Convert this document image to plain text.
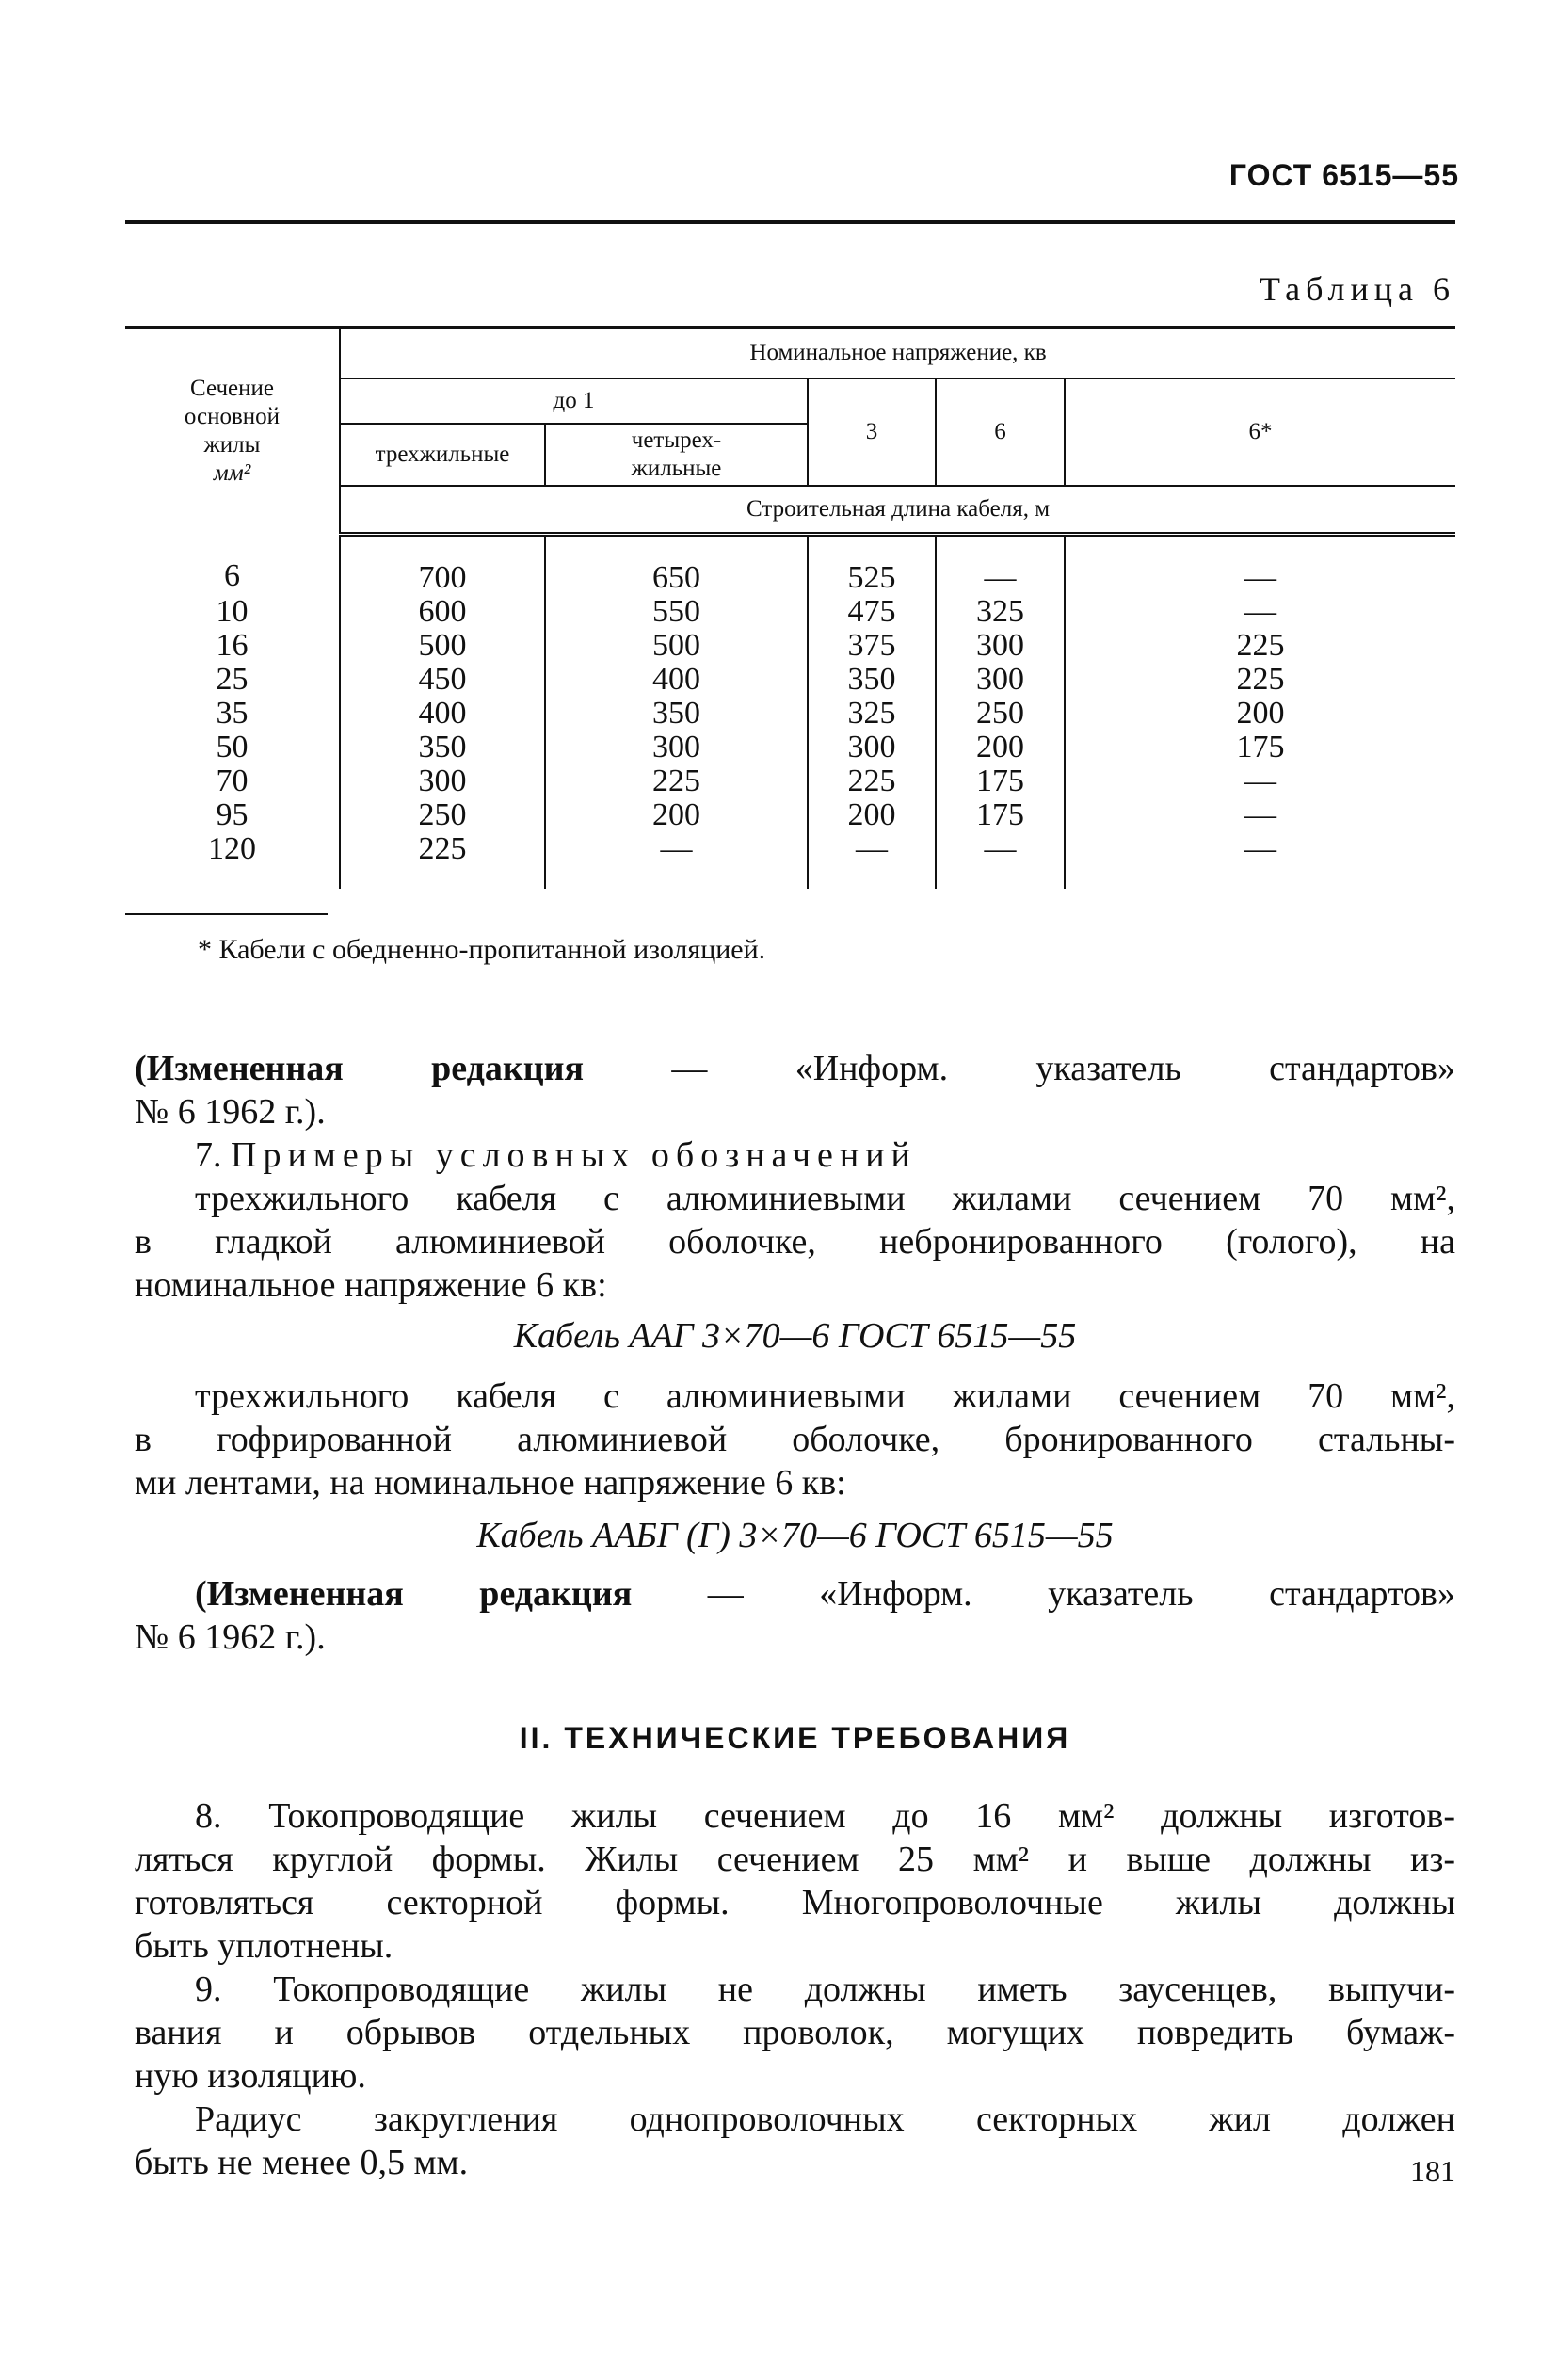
ГОСТ 6515—55
Таблица 6
Сечение
основной
жилы
мм²	Номинальное напряжение, кв				
	до 1		3	6	6*
	трехжильные	четырех-
жильные			
	Строительная длина кабеля, м				
6	700	650	525	—	—
10	600	550	475	325	—
16	500	500	375	300	225
25	450	400	350	300	225
35	400	350	325	250	200
50	350	300	300	200	175
70	300	225	225	175	—
95	250	200	200	175	—
120	225	—	—	—	—
* Кабели с обедненно-пропитанной изоляцией.
(Измененная редакция — «Информ. указатель стандартов»
№ 6 1962 г.).
7. Примеры условных обозначений
трехжильного кабеля с алюминиевыми жилами сечением 70 мм²,
в гладкой алюминиевой оболочке, небронированного (голого), на
номинальное напряжение 6 кв:
Кабель ААГ 3×70—6 ГОСТ 6515—55
трехжильного кабеля с алюминиевыми жилами сечением 70 мм²,
в гофрированной алюминиевой оболочке, бронированного стальны-
ми лентами, на номинальное напряжение 6 кв:
Кабель ААБГ (Г) 3×70—6 ГОСТ 6515—55
(Измененная редакция — «Информ. указатель стандартов»
№ 6 1962 г.).
II. ТЕХНИЧЕСКИЕ ТРЕБОВАНИЯ
8. Токопроводящие жилы сечением до 16 мм² должны изготов-
ляться круглой формы. Жилы сечением 25 мм² и выше должны из-
готовляться секторной формы. Многопроволочные жилы должны
быть уплотнены.
9. Токопроводящие жилы не должны иметь заусенцев, выпучи-
вания и обрывов отдельных проволок, могущих повредить бумаж-
ную изоляцию.
Радиус закругления однопроволочных секторных жил должен
быть не менее 0,5 мм.	181
